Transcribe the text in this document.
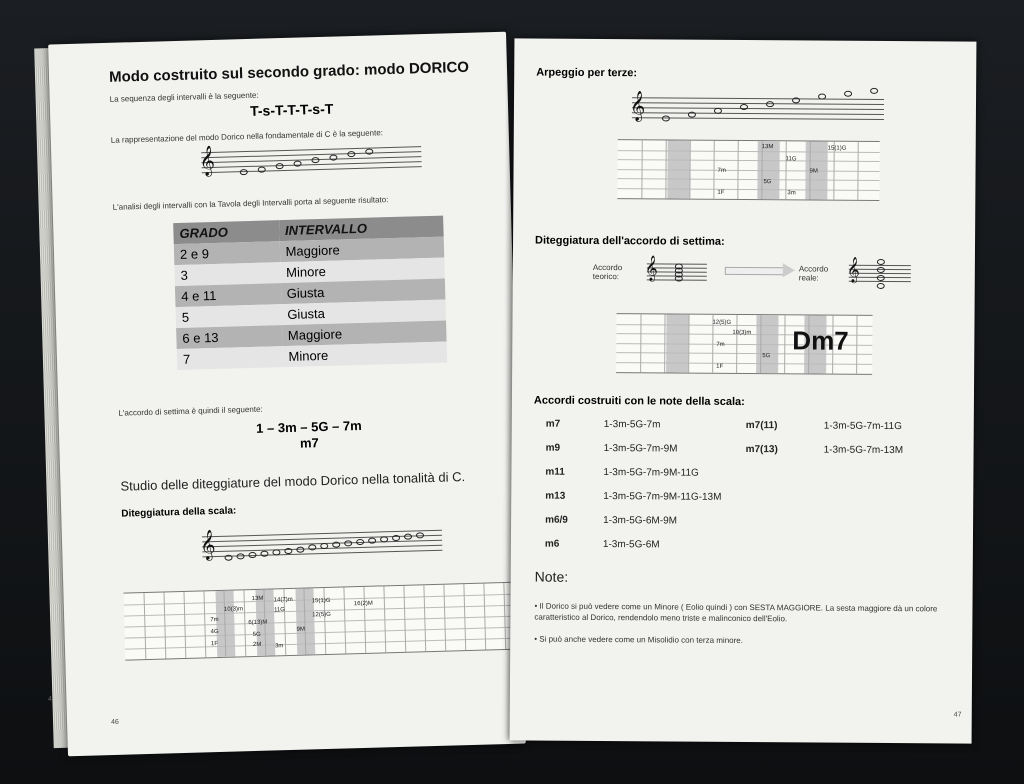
Modo costruito sul secondo grado: modo DORICO
La sequenza degli intervalli è la seguente:
T-s-T-T-T-s-T
La rappresentazione del modo Dorico nella fondamentale di C è la seguente:
𝄞
L'analisi degli intervalli con la Tavola degli Intervalli porta al seguente risultato:
GRADO	INTERVALLO
2 e 9	Maggiore
3	Minore
4 e 11	Giusta
5	Giusta
6 e 13	Maggiore
7	Minore
L'accordo di settima è quindi il seguente:
1 – 3m – 5G – 7m
m7
Studio delle diteggiature del modo Dorico nella tonalità di C.
Diteggiatura della scala:
𝄞
7m
4G
1F
10(3)m
6(13)M
2M 3m
13M
5G
11G
9M
14(7)m	15(1)G
12(5)G
16(2)M
46
4
Arpeggio per terze:
𝄞
13M
11G
7m	9M
5G
15(1)G
1F	3m
Diteggiatura dell'accordo di settima:
Accordo teorico:	𝄞	Accordo reale:	𝄞
12(5)G
10(3)m
7m
5G
1F
Dm7
Accordi costruiti con le note della scala:
m7	1-3m-5G-7m
m9	1-3m-5G-7m-9M
m11	1-3m-5G-7m-9M-11G
m13	1-3m-5G-7m-9M-11G-13M
m6/9	1-3m-5G-6M-9M
m6	1-3m-5G-6M
m7(11)	1-3m-5G-7m-11G
m7(13)	1-3m-5G-7m-13M
Note:
• Il Dorico si può vedere come un Minore ( Eolio quindi ) con SESTA MAGGIORE. La sesta maggiore dà un colore caratteristico al Dorico, rendendolo meno triste e malinconico dell'Eolio.
• Si può anche vedere come un Misolidio con terza minore.
47
